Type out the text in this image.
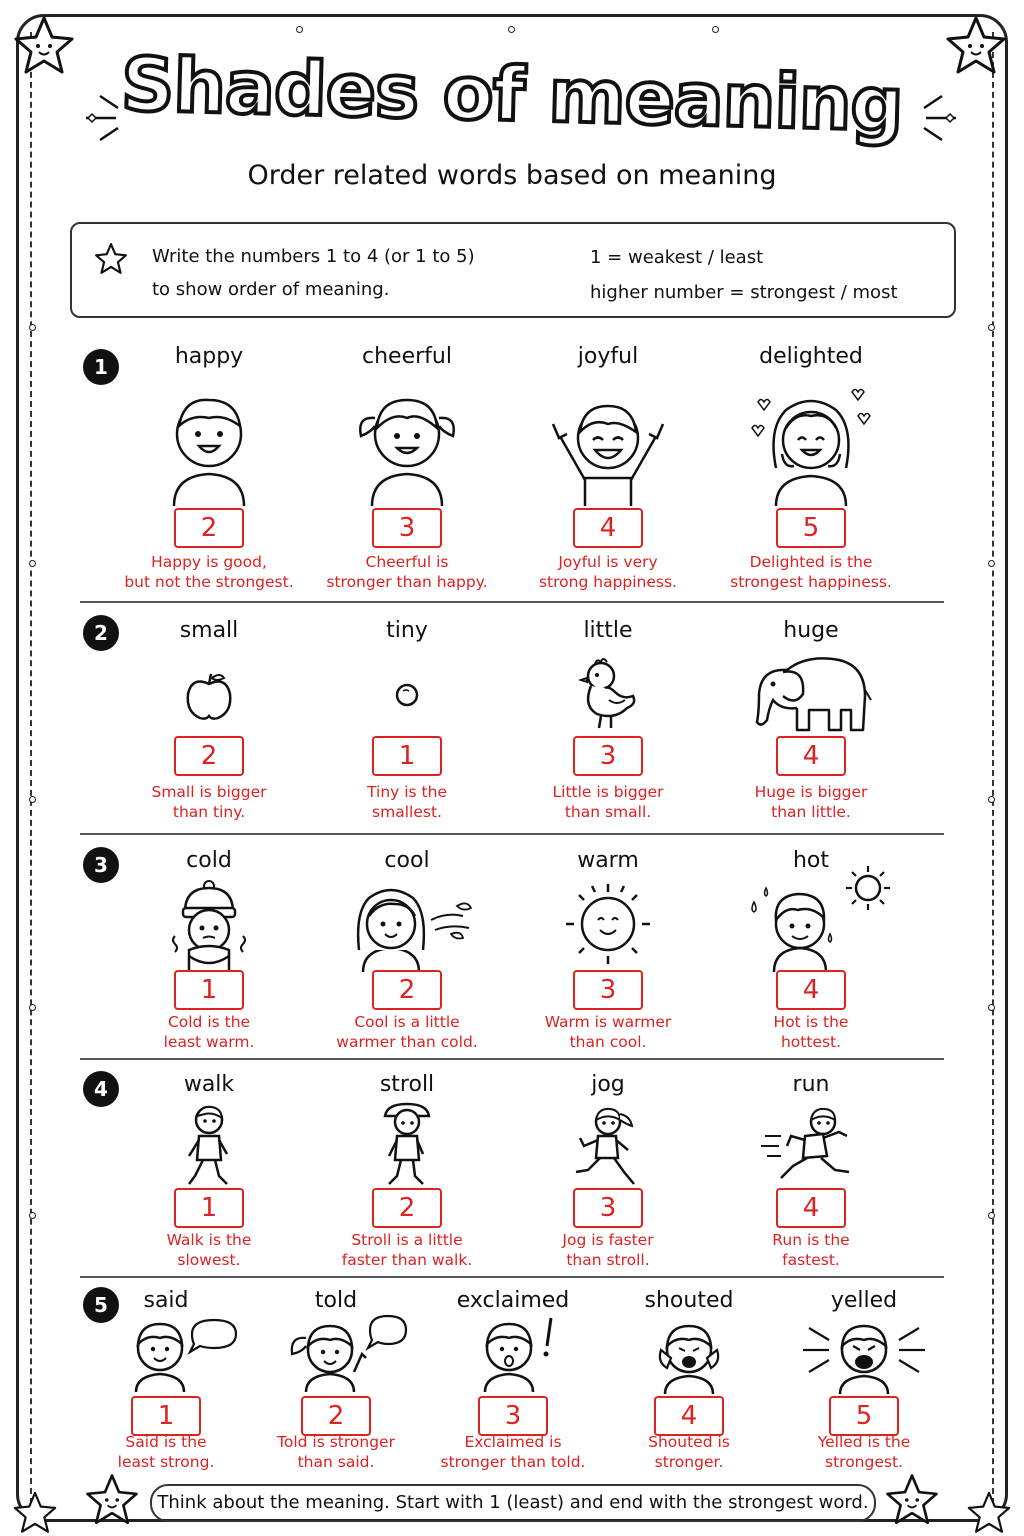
Shades of meaning
Order related words based on meaning
Write the numbers 1 to 4 (or 1 to 5)
to show order of meaning.
1 = weakest / least
higher number = strongest / most
1	happy
2
Happy is good,
but not the strongest.
cheerful
3
Cheerful is
stronger than happy.
joyful
4
Joyful is very
strong happiness.
delighted
5
Delighted is the
strongest happiness.
2	small
2
Small is bigger
than tiny.
tiny
1
Tiny is the
smallest.
little
3
Little is bigger
than small.
huge
4
Huge is bigger
than little.
3	cold
1
Cold is the
least warm.
cool
2
Cool is a little
warmer than cold.
warm
3
Warm is warmer
than cool.
hot
4
Hot is the
hottest.
4	walk
1
Walk is the
slowest.
stroll
2
Stroll is a little
faster than walk.
jog
3
Jog is faster
than stroll.
run
4
Run is the
fastest.
5	said
1
Said is the
least strong.
told
2
Told is stronger
than said.
exclaimed
3
Exclaimed is
stronger than told.
shouted
4
Shouted is
stronger.
yelled
5
Yelled is the
strongest.
Think about the meaning. Start with 1 (least) and end with the strongest word.
